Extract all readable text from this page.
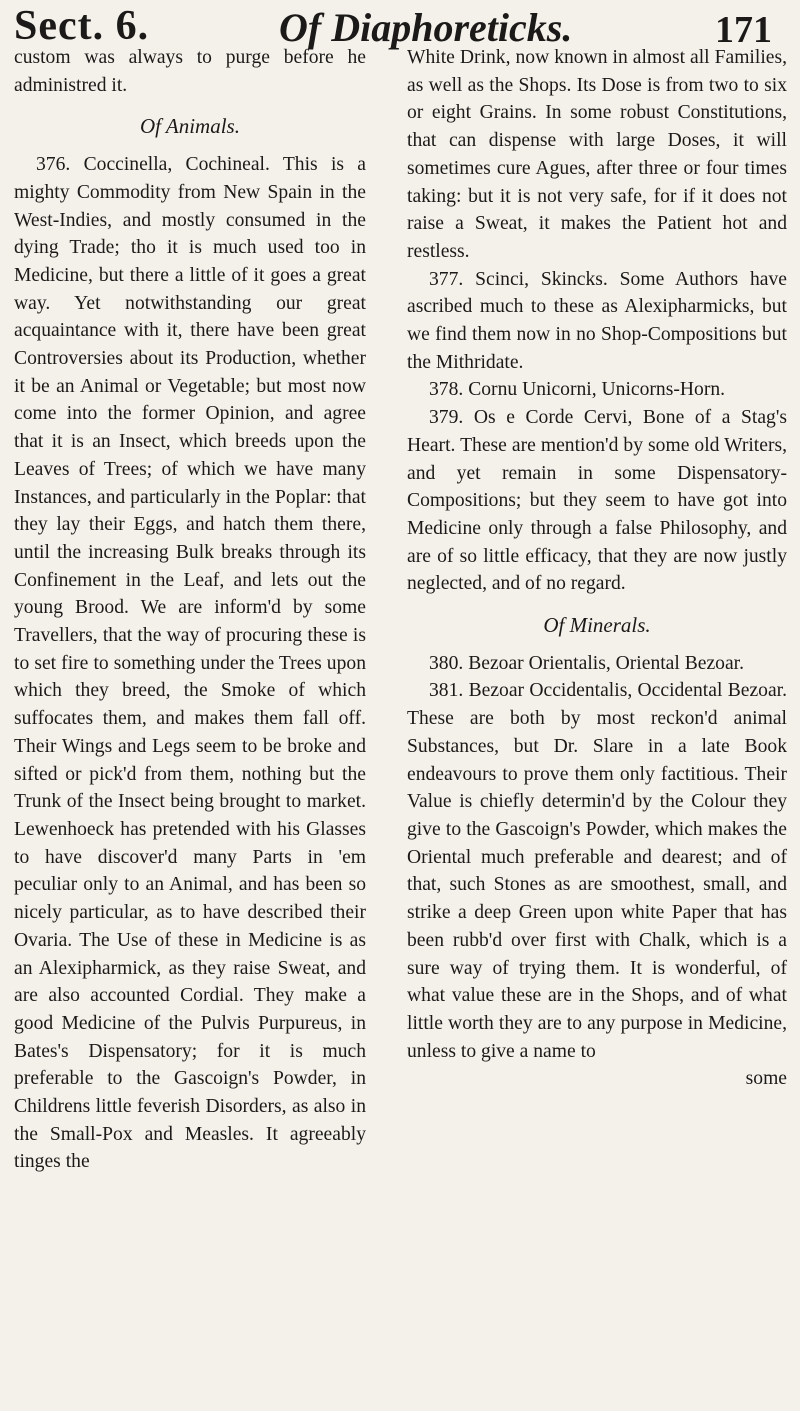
Sect. 6.	Of Diaphoreticks.	171

custom was always to purge before he administred it.

Of Animals.

376. Coccinella, Cochineal. This is a mighty Commodity from New Spain in the West-Indies, and mostly consumed in the dying Trade; tho it is much used too in Medicine, but there a little of it goes a great way. Yet notwithstanding our great acquaintance with it, there have been great Controversies about its Production, whether it be an Animal or Vegetable; but most now come into the former Opinion, and agree that it is an Insect, which breeds upon the Leaves of Trees; of which we have many Instances, and particularly in the Poplar: that they lay their Eggs, and hatch them there, until the increasing Bulk breaks through its Confinement in the Leaf, and lets out the young Brood. We are inform'd by some Travellers, that the way of procuring these is to set fire to something under the Trees upon which they breed, the Smoke of which suffocates them, and makes them fall off. Their Wings and Legs seem to be broke and sifted or pick'd from them, nothing but the Trunk of the Insect being brought to market. Lewenhoeck has pretended with his Glasses to have discover'd many Parts in 'em peculiar only to an Animal, and has been so nicely particular, as to have described their Ovaria. The Use of these in Medicine is as an Alexipharmick, as they raise Sweat, and are also accounted Cordial. They make a good Medicine of the Pulvis Purpureus, in Bates's Dispensatory; for it is much preferable to the Gascoign's Powder, in Childrens little feverish Disorders, as also in the Small-Pox and Measles. It agreeably tinges the

White Drink, now known in almost all Families, as well as the Shops. Its Dose is from two to six or eight Grains. In some robust Constitutions, that can dispense with large Doses, it will sometimes cure Agues, after three or four times taking: but it is not very safe, for if it does not raise a Sweat, it makes the Patient hot and restless.

377. Scinci, Skincks. Some Authors have ascribed much to these as Alexipharmicks, but we find them now in no Shop-Compositions but the Mithridate.

378. Cornu Unicorni, Unicorns-Horn.

379. Os e Corde Cervi, Bone of a Stag's Heart. These are mention'd by some old Writers, and yet remain in some Dispensatory-Compositions; but they seem to have got into Medicine only through a false Philosophy, and are of so little efficacy, that they are now justly neglected, and of no regard.

Of Minerals.

380. Bezoar Orientalis, Oriental Bezoar.

381. Bezoar Occidentalis, Occidental Bezoar. These are both by most reckon'd animal Substances, but Dr. Slare in a late Book endeavours to prove them only factitious. Their Value is chiefly determin'd by the Colour they give to the Gascoign's Powder, which makes the Oriental much preferable and dearest; and of that, such Stones as are smoothest, small, and strike a deep Green upon white Paper that has been rubb'd over first with Chalk, which is a sure way of trying them. It is wonderful, of what value these are in the Shops, and of what little worth they are to any purpose in Medicine, unless to give a name to

some
